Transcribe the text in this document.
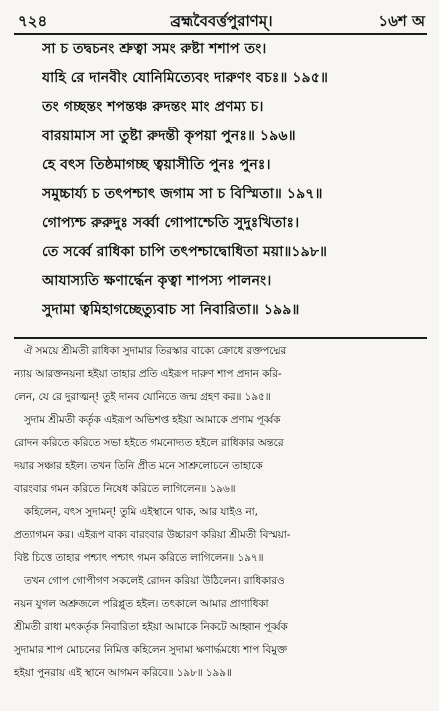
৭২৪	ব্রহ্মবৈবর্ত্তপুরাণম্।	১৬শ অ
সা চ তদ্বচনং শ্রুত্বা সমং রুষ্টা শশাপ তং।
যাহি রে দানবীং যোনিমিত্যেবং দারুণং বচঃ॥ ১৯৫॥
তং গচ্ছন্তং শপন্তঞ্চ রুদন্তং মাং প্রণম্য চ।
বারয়ামাস সা তুষ্টা রুদন্তী কৃপয়া পুনঃ॥ ১৯৬॥
হে বৎস তিষ্ঠমাগচ্ছ ত্বয়াসীতি পুনঃ পুনঃ।
সমুচ্চার্য্য চ তৎপশ্চাৎ জগাম সা চ বিস্মিতা॥ ১৯৭॥
গোপ্যশ্চ রুরুদুঃ সর্ব্বা গোপাশ্চেতি সুদুঃখিতাঃ।
তে সর্ব্বে রাধিকা চাপি তৎপশ্চাদ্বোধিতা ময়া॥১৯৮॥
আযাস্যতি ক্ষণার্দ্ধেন কৃত্বা শাপস্য পালনং।
সুদামা ত্বমিহাগচ্ছেত্যুবাচ সা নিবারিতা॥ ১৯৯॥
ঐ সময়ে শ্রীমতী রাধিকা সুদামার তিরস্কার বাক্যে ক্রোধে রক্তপদ্মের
ন্যায় আরক্তনয়না হইয়া তাহার প্রতি এইরূপ দারুণ শাপ প্রদান করি-
লেন, যে রে দুরাত্মন্! তুই দানব যোনিতে জন্ম গ্রহণ কর॥ ১৯৫॥
সুদাম শ্রীমতী কর্তৃক এইরূপ অভিশপ্ত হইয়া আমাকে প্রণাম পূর্ব্বক
রোদন করিতে করিতে সভা হইতে গমনোদ্যত হইলে রাধিকার অন্তরে
দয়ার সঞ্চার হইল। তখন তিনি প্রীত মনে সাশ্রুলোচনে তাহাকে
বারংবার গমন করিতে নিষেধ করিতে লাগিলেন॥ ১৯৬॥
কহিলেন, বৎস সুদামন্! তুমি এইস্থানে থাক, আর যাইও না,
প্রত্যাগমন কর। এইরূপ বাক্য বারংবার উচ্চারণ করিয়া শ্রীমতী বিস্ময়া-
বিষ্ট চিত্তে তাহার পশ্চাৎ পশ্চাৎ গমন করিতে লাগিলেন॥ ১৯৭॥
তখন গোপ গোপীগণ সকলেই রোদন করিয়া উঠিলেন। রাধিকারও
নয়ন যুগল অশ্রুজলে পরিপ্লুত হইল। তৎকালে আমার প্রাণাধিকা
শ্রীমতী রাধা মৎকর্তৃক নিবারিতা হইয়া আমাকে নিকটে আহ্বান পূর্ব্বক
সুদামার শাপ মোচনের নিমিত্ত কহিলেন সুদামা ক্ষণার্দ্ধমধ্যে শাপ বিমুক্ত
হইয়া পুনরায় এই স্থানে আগমন করিবে॥ ১৯৮॥ ১৯৯॥
